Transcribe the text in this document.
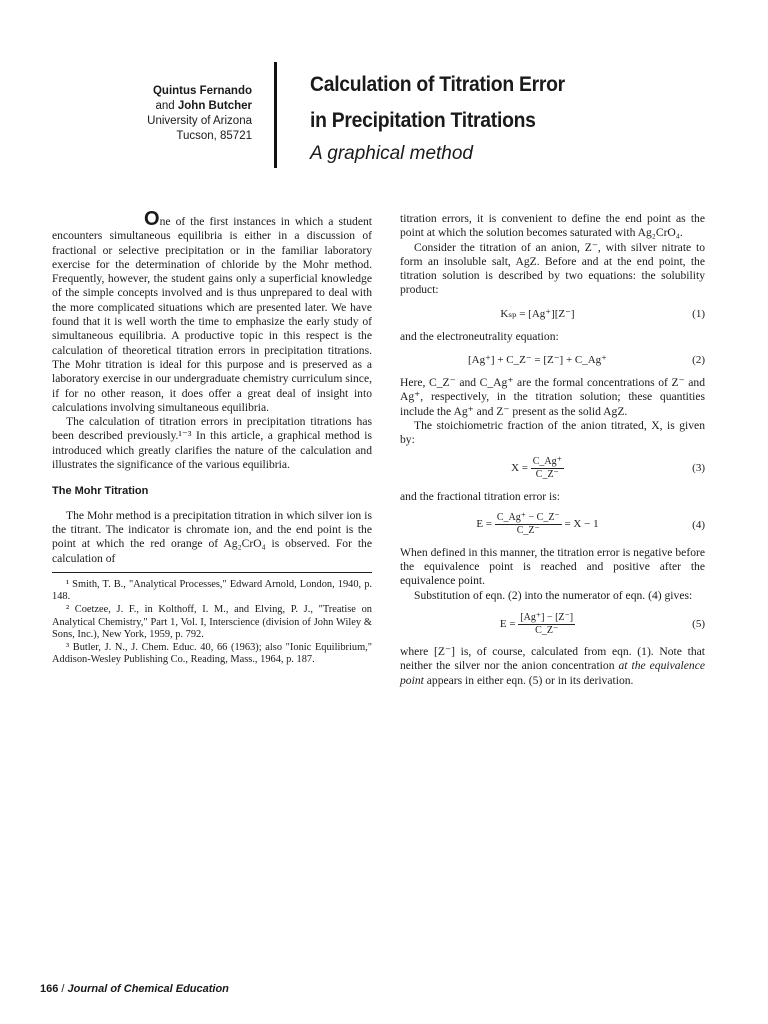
Quintus Fernando
and John Butcher
University of Arizona
Tucson, 85721
Calculation of Titration Error
in Precipitation Titrations
A graphical method

One of the first instances in which a student encounters simultaneous equilibria is either in a discussion of fractional or selective precipitation or in the familiar laboratory exercise for the determination of chloride by the Mohr method. Frequently, however, the student gains only a superficial knowledge of the simple concepts involved and is thus unprepared to deal with the more complicated situations which are presented later. We have found that it is well worth the time to emphasize the early study of simultaneous equilibria. A productive topic in this respect is the calculation of theoretical titration errors in precipitation titrations. The Mohr titration is ideal for this purpose and is preserved as a laboratory exercise in our undergraduate chemistry curriculum since, if for no other reason, it does offer a great deal of insight into calculations involving simultaneous equilibria.

The calculation of titration errors in precipitation titrations has been described previously.¹⁻³ In this article, a graphical method is introduced which greatly clarifies the nature of the calculation and illustrates the significance of the various equilibria.

The Mohr Titration

The Mohr method is a precipitation titration in which silver ion is the titrant. The indicator is chromate ion, and the end point is the point at which the red orange of Ag₂CrO₄ is observed. For the calculation of

¹ Smith, T. B., "Analytical Processes," Edward Arnold, London, 1940, p. 148.

² Coetzee, J. F., in Kolthoff, I. M., and Elving, P. J., "Treatise on Analytical Chemistry," Part 1, Vol. I, Interscience (division of John Wiley & Sons, Inc.), New York, 1959, p. 792.

³ Butler, J. N., J. Chem. Educ. 40, 66 (1963); also "Ionic Equilibrium," Addison-Wesley Publishing Co., Reading, Mass., 1964, p. 187.

titration errors, it is convenient to define the end point as the point at which the solution becomes saturated with Ag₂CrO₄.

Consider the titration of an anion, Z⁻, with silver nitrate to form an insoluble salt, AgZ. Before and at the end point, the titration solution is described by two equations: the solubility product:

Kₛₚ = [Ag⁺][Z⁻]	(1)

and the electroneutrality equation:

[Ag⁺] + C_Z⁻ = [Z⁻] + C_Ag⁺	(2)

Here, C_Z⁻ and C_Ag⁺ are the formal concentrations of Z⁻ and Ag⁺, respectively, in the titration solution; these quantities include the Ag⁺ and Z⁻ present as the solid AgZ.

The stoichiometric fraction of the anion titrated, X, is given by:

$X = \frac{C\_Ag^+}{C\_Z^-}$	(3)

and the fractional titration error is:

$E = \frac{C\_Ag^+ - C\_Z^-}{C\_Z^-} = X - 1$	(4)

When defined in this manner, the titration error is negative before the equivalence point is reached and positive after the equivalence point.

Substitution of eqn. (2) into the numerator of eqn. (4) gives:

$E = \frac{[Ag^+] - [Z^-]}{C\_Z^-}$	(5)

where [Z⁻] is, of course, calculated from eqn. (1). Note that neither the silver nor the anion concentration at the equivalence point appears in either eqn. (5) or in its derivation.

166 / Journal of Chemical Education
